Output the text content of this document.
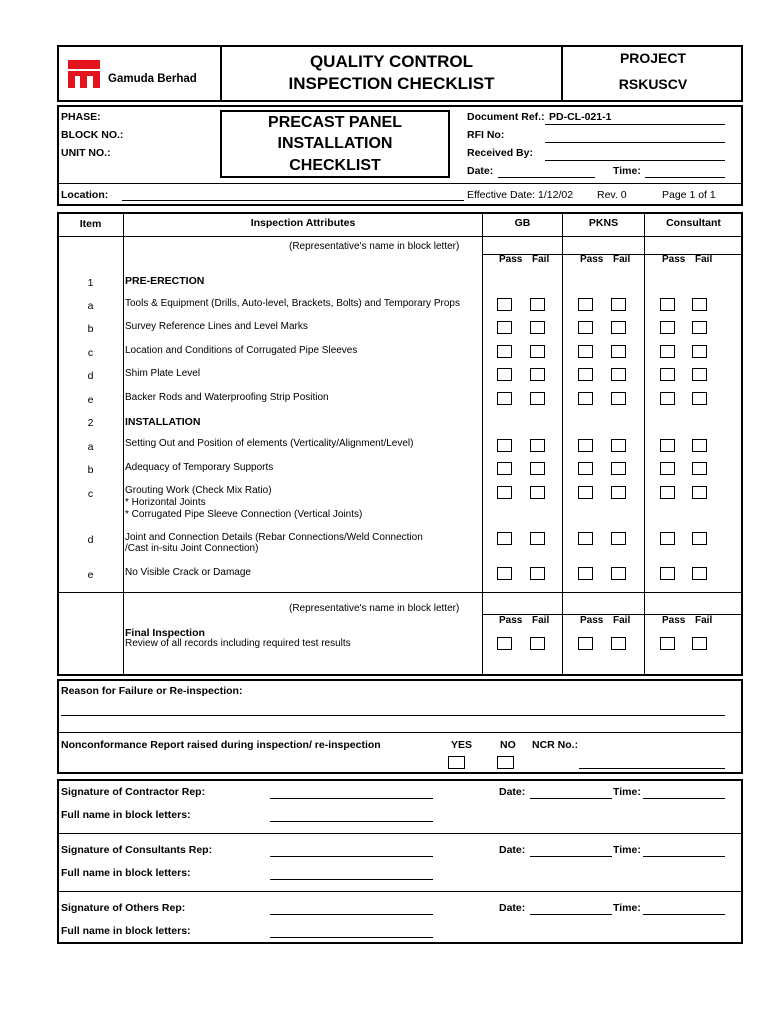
Gamuda Berhad
QUALITY CONTROL
INSPECTION CHECKLIST
PROJECT
RSKUSCV
PHASE:
BLOCK NO.:
UNIT NO.:
PRECAST PANEL
INSTALLATION
CHECKLIST
Document Ref.: PD-CL-021-1
RFI No:
Received By:
Date:	Time:
Location:	Effective Date: 1/12/02 Rev. 0	Page 1 of 1
Item	Inspection Attributes	GB	PKNS	Consultant
(Representative's name in block letter)
(Representative's name in block letter)
Pass Fail	Pass Fail	Pass Fail
Pass Fail	Pass Fail	Pass Fail
1	PRE-ERECTION
a	Tools & Equipment (Drills, Auto-level, Brackets, Bolts) and Temporary Props
b	Survey Reference Lines and Level Marks
c	Location and Conditions of Corrugated Pipe Sleeves
d	Shim Plate Level
e	Backer Rods and Waterproofing Strip Position
2	INSTALLATION
a	Setting Out and Position of elements (Verticality/Alignment/Level)
b	Adequacy of Temporary Supports
c	Grouting Work (Check Mix Ratio)
* Horizontal Joints
* Corrugated Pipe Sleeve Connection (Vertical Joints)
d	Joint and Connection Details (Rebar Connections/Weld Connection
/Cast in-situ Joint Connection)
e	No Visible Crack or Damage
Final Inspection
Review of all records including required test results
Reason for Failure or Re-inspection:
Nonconformance Report raised during inspection/ re-inspection	YES	NO NCR No.:
Signature of Contractor Rep:	Date:	Time:
Full name in block letters:
Signature of Consultants Rep:	Date:	Time:
Full name in block letters:
Signature of Others Rep:	Date:	Time:
Full name in block letters:
